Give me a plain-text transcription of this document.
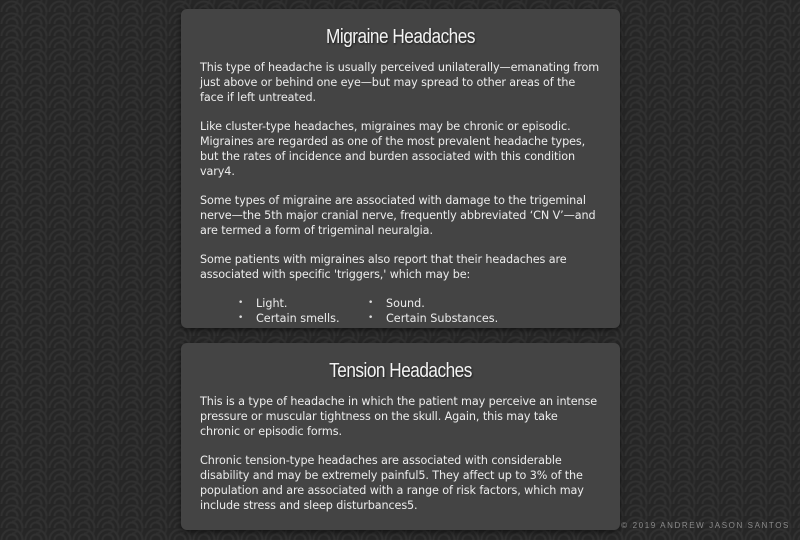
Migraine Headaches

This type of headache is usually perceived unilaterally—emanating from just above or behind one eye—but may spread to other areas of the face if left untreated.

Like cluster-type headaches, migraines may be chronic or episodic. Migraines are regarded as one of the most prevalent headache types, but the rates of incidence and burden associated with this condition vary4.

Some types of migraine are associated with damage to the trigeminal nerve—the 5th major cranial nerve, frequently abbreviated ‘CN V’—and are termed a form of trigeminal neuralgia.

Some patients with migraines also report that their headaches are associated with specific 'triggers,' which may be:

•	Light.	•	Sound.
•	Certain smells.	•	Certain Substances.
Tension Headaches

This is a type of headache in which the patient may perceive an intense pressure or muscular tightness on the skull. Again, this may take chronic or episodic forms.

Chronic tension-type headaches are associated with considerable disability and may be extremely painful5. They affect up to 3% of the population and are associated with a range of risk factors, which may include stress and sleep disturbances5.

© 2019 ANDREW JASON SANTOS
